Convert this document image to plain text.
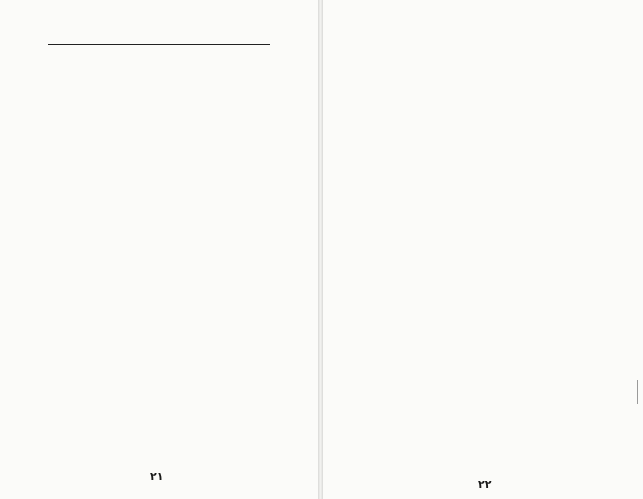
۲۱
۲۲
